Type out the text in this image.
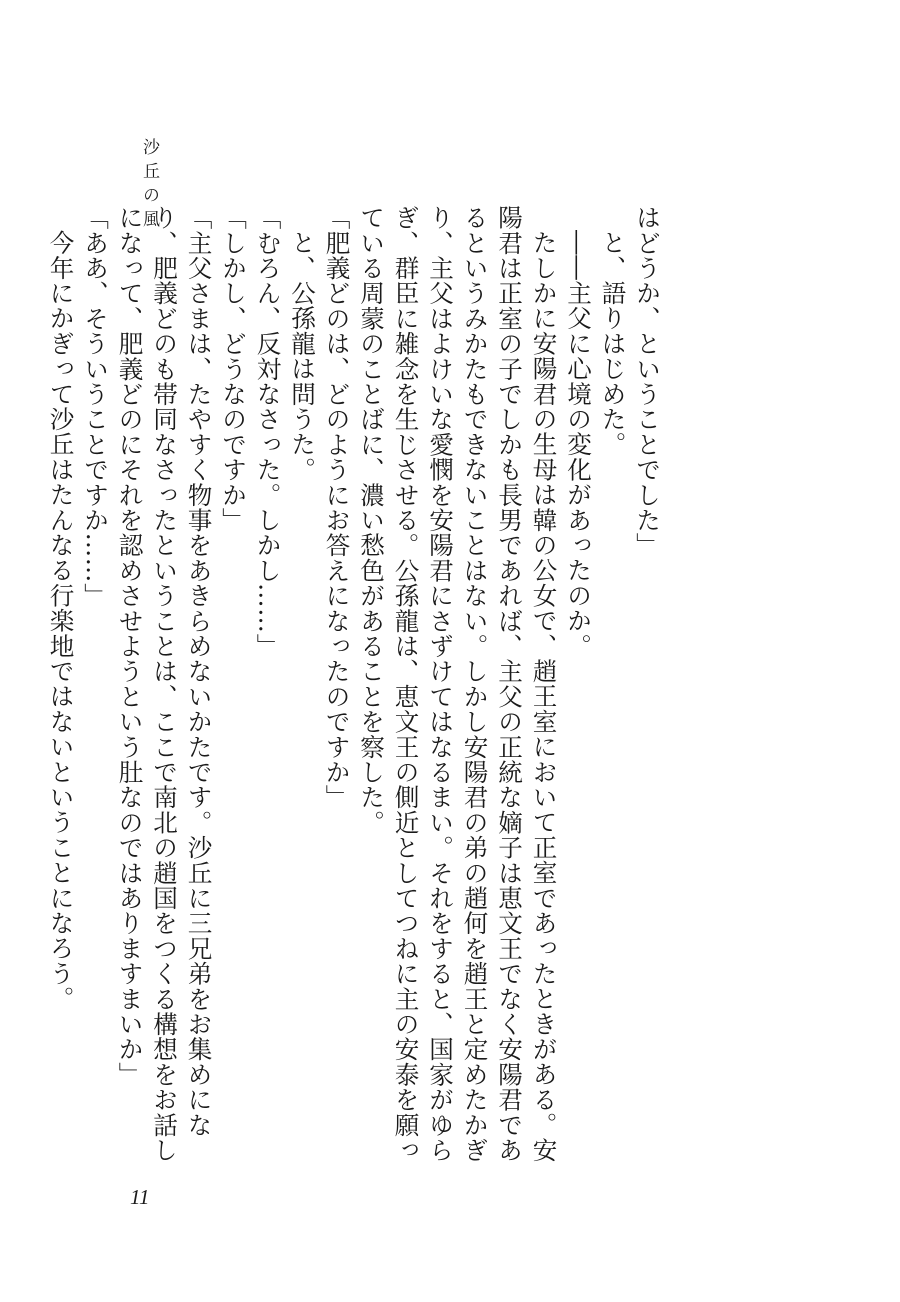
沙丘の風

はどうか、ということでした」

と、語りはじめた。

――主父に心境の変化があったのか。

たしかに安陽君の生母は韓の公女で、趙王室において正室であったときがある。安陽君は正室の子でしかも長男であれば、主父の正統な嫡子は恵文王でなく安陽君であるというみかたもできないことはない。しかし安陽君の弟の趙何を趙王と定めたかぎり、主父はよけいな愛憫を安陽君にさずけてはなるまい。それをすると、国家がゆらぎ、群臣に雑念を生じさせる。公孫龍は、恵文王の側近としてつねに主の安泰を願っている周蒙のことばに、濃い愁色があることを察した。

「肥義どのは、どのようにお答えになったのですか」

と、公孫龍は問うた。

「むろん、反対なさった。しかし……」

「しかし、どうなのですか」

「主父さまは、たやすく物事をあきらめないかたです。沙丘に三兄弟をお集めになり、肥義どのも帯同なさったということは、ここで南北の趙国をつくる構想をお話しになって、肥義どのにそれを認めさせようという肚なのではありますまいか」

「ああ、そういうことですか……」

今年にかぎって沙丘はたんなる行楽地ではないということになろう。

11
